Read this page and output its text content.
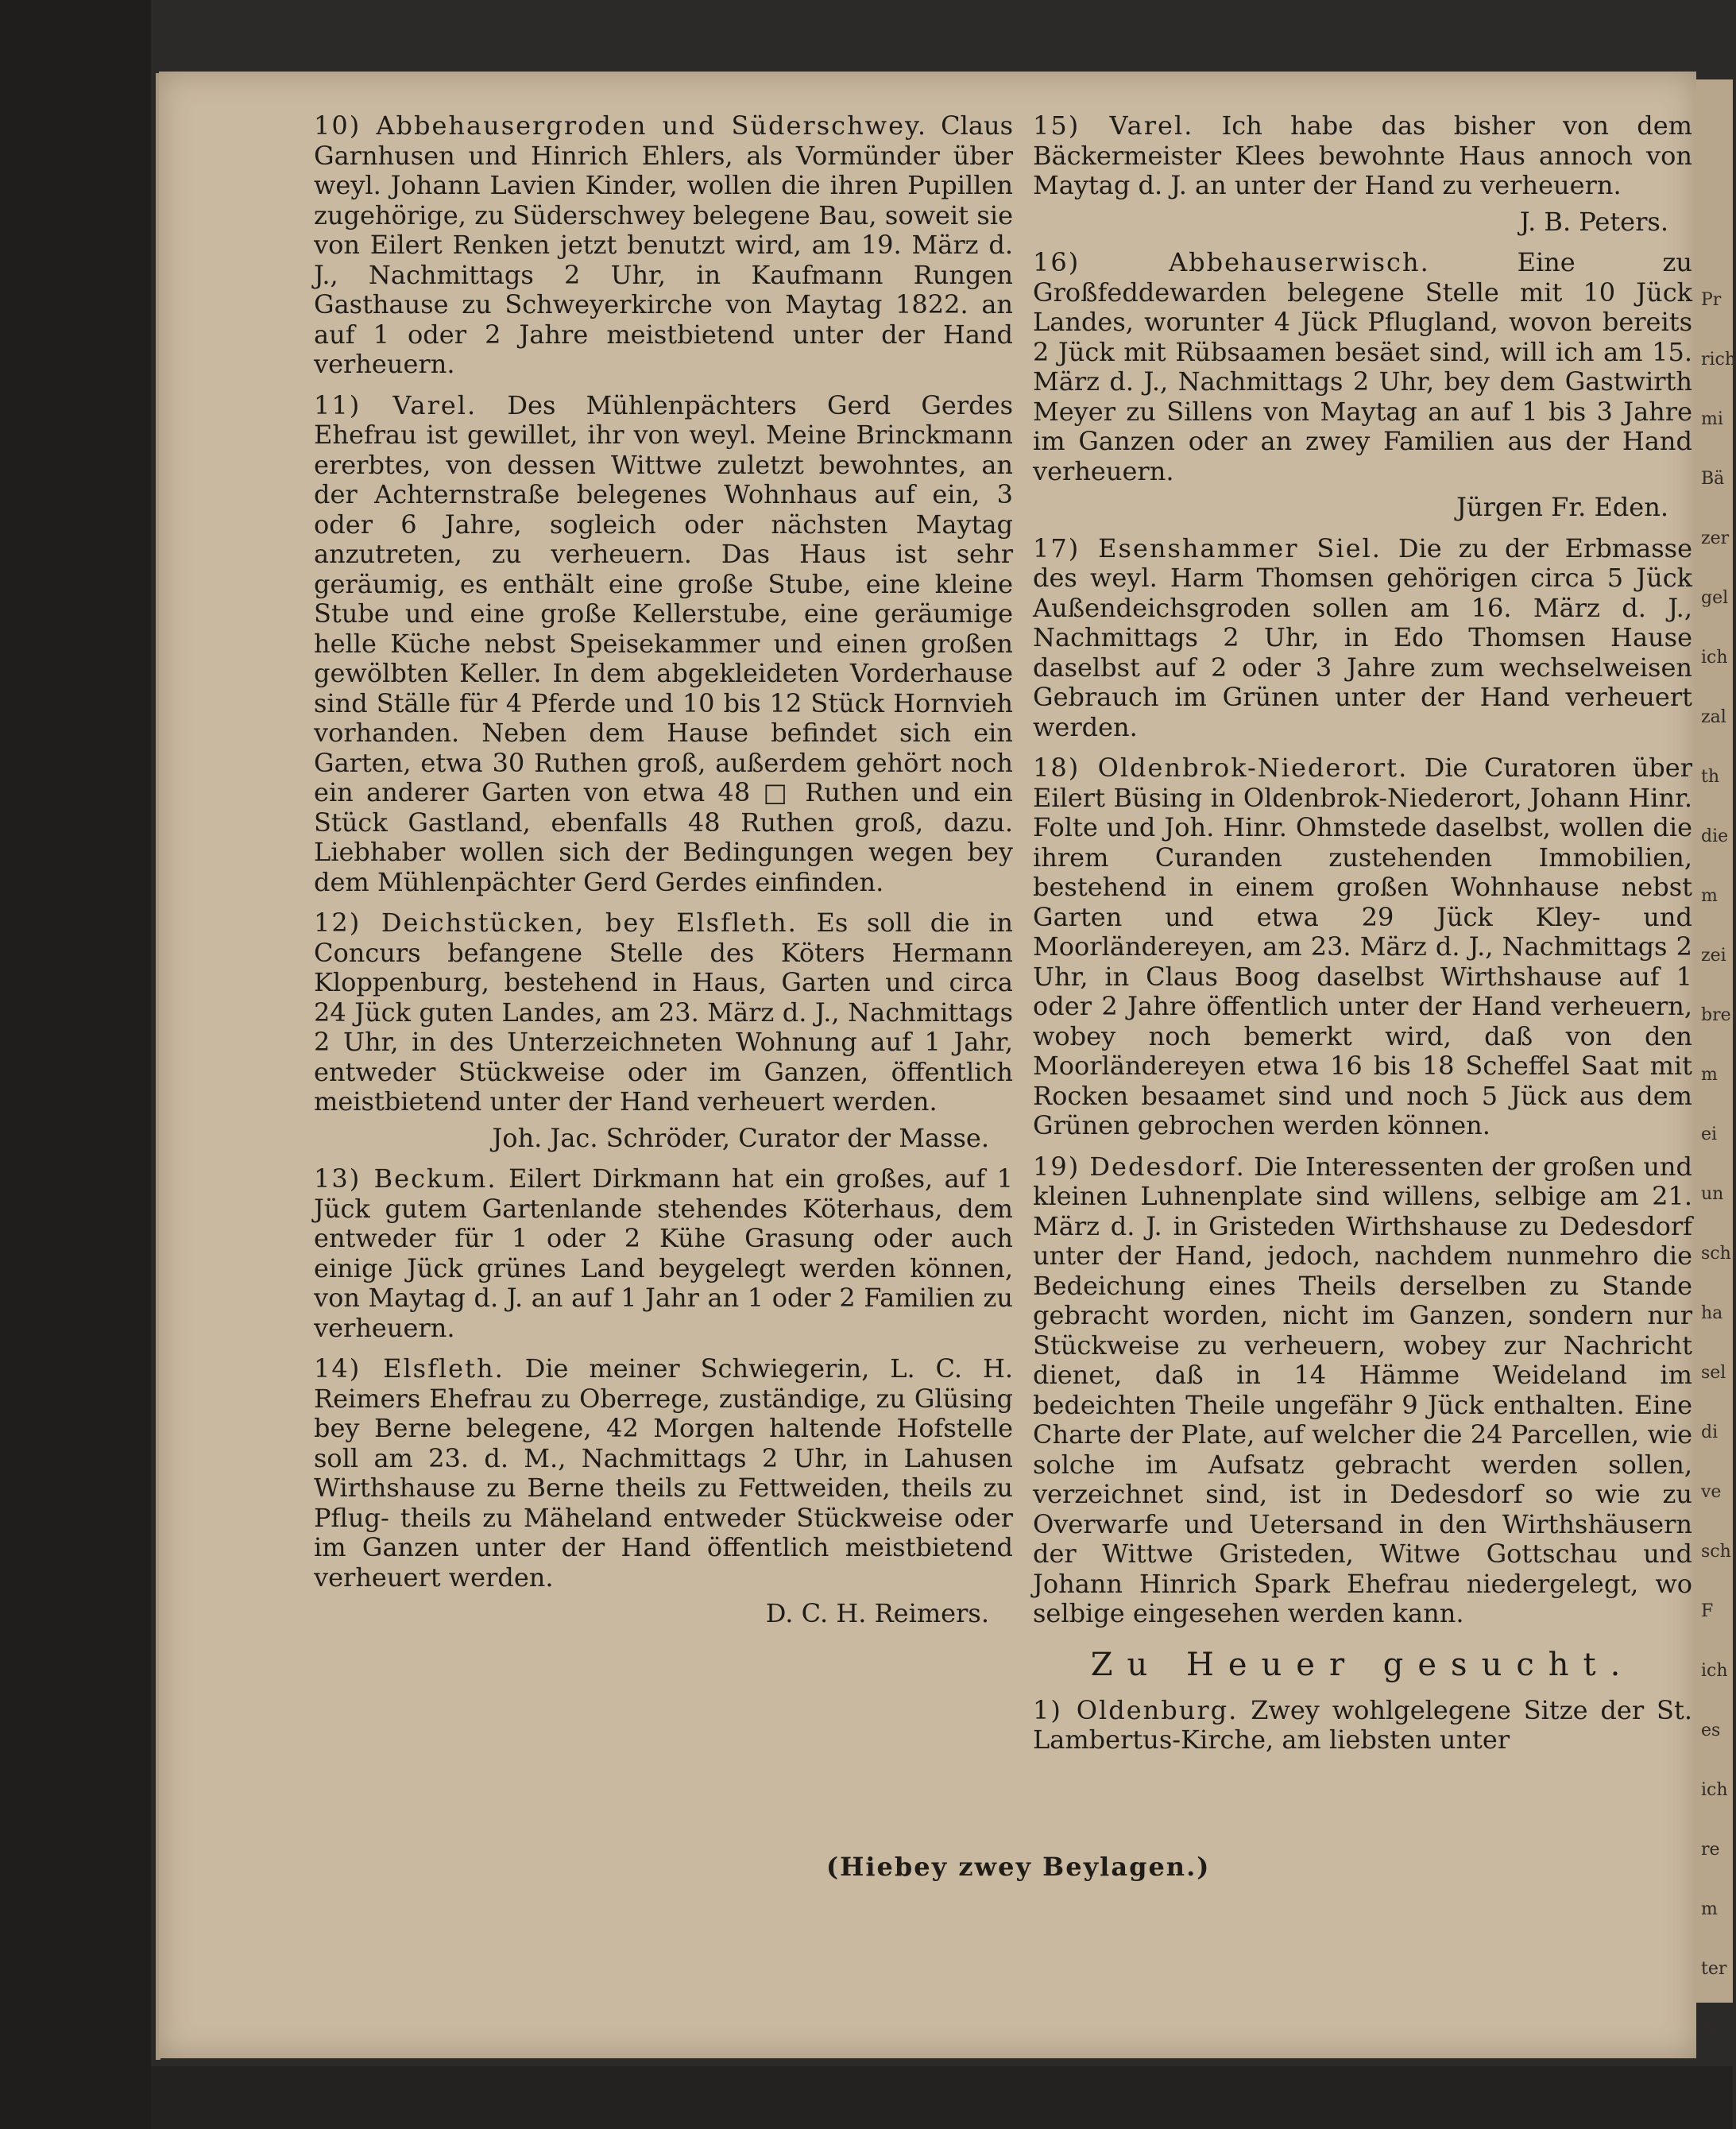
10) Abbehausergroden und Süderschwey. Claus Garnhusen und Hinrich Ehlers, als Vormünder über weyl. Johann Lavien Kinder, wollen die ihren Pupillen zugehörige, zu Süderschwey belegene Bau, soweit sie von Eilert Renken jetzt benutzt wird, am 19. März d. J., Nachmittags 2 Uhr, in Kaufmann Rungen Gasthause zu Schweyerkirche von Maytag 1822. an auf 1 oder 2 Jahre meistbietend unter der Hand verheuern.
11) Varel. Des Mühlenpächters Gerd Gerdes Ehefrau ist gewillet, ihr von weyl. Meine Brinckmann ererbtes, von dessen Wittwe zuletzt bewohntes, an der Achternstraße belegenes Wohnhaus auf ein, 3 oder 6 Jahre, sogleich oder nächsten Maytag anzutreten, zu verheuern. Das Haus ist sehr geräumig, es enthält eine große Stube, eine kleine Stube und eine große Kellerstube, eine geräumige helle Küche nebst Speisekammer und einen großen gewölbten Keller. In dem abgekleideten Vorderhause sind Ställe für 4 Pferde und 10 bis 12 Stück Hornvieh vorhanden. Neben dem Hause befindet sich ein Garten, etwa 30 Ruthen groß, außerdem gehört noch ein anderer Garten von etwa 48 □ Ruthen und ein Stück Gastland, ebenfalls 48 Ruthen groß, dazu. Liebhaber wollen sich der Bedingungen wegen bey dem Mühlenpächter Gerd Gerdes einfinden.
12) Deichstücken, bey Elsfleth. Es soll die in Concurs befangene Stelle des Köters Hermann Kloppenburg, bestehend in Haus, Garten und circa 24 Jück guten Landes, am 23. März d. J., Nachmittags 2 Uhr, in des Unterzeichneten Wohnung auf 1 Jahr, entweder Stückweise oder im Ganzen, öffentlich meistbietend unter der Hand verheuert werden.
Joh. Jac. Schröder, Curator der Masse.
13) Beckum. Eilert Dirkmann hat ein großes, auf 1 Jück gutem Gartenlande stehendes Köterhaus, dem entweder für 1 oder 2 Kühe Grasung oder auch einige Jück grünes Land beygelegt werden können, von Maytag d. J. an auf 1 Jahr an 1 oder 2 Familien zu verheuern.
14) Elsfleth. Die meiner Schwiegerin, L. C. H. Reimers Ehefrau zu Oberrege, zuständige, zu Glüsing bey Berne belegene, 42 Morgen haltende Hofstelle soll am 23. d. M., Nachmittags 2 Uhr, in Lahusen Wirthshause zu Berne theils zu Fettweiden, theils zu Pflug- theils zu Mäheland entweder Stückweise oder im Ganzen unter der Hand öffentlich meistbietend verheuert werden.
D. C. H. Reimers.
15) Varel. Ich habe das bisher von dem Bäckermeister Klees bewohnte Haus annoch von Maytag d. J. an unter der Hand zu verheuern.
J. B. Peters.
16) Abbehauserwisch.	Eine zu Großfeddewarden belegene Stelle mit 10 Jück Landes, worunter 4 Jück Pflugland, wovon bereits 2 Jück mit Rübsaamen besäet sind, will ich am 15. März d. J., Nachmittags 2 Uhr, bey dem Gastwirth Meyer zu Sillens von Maytag an auf 1 bis 3 Jahre im Ganzen oder an zwey Familien aus der Hand verheuern.
Jürgen Fr. Eden.
17) Esenshammer Siel. Die zu der Erbmasse des weyl. Harm Thomsen gehörigen circa 5 Jück Außendeichsgroden sollen am 16. März d. J., Nachmittags 2 Uhr, in Edo Thomsen Hause daselbst auf 2 oder 3 Jahre zum wechselweisen Gebrauch im Grünen unter der Hand verheuert werden.
18) Oldenbrok-Niederort. Die Curatoren über Eilert Büsing in Oldenbrok-Niederort, Johann Hinr. Folte und Joh. Hinr. Ohmstede daselbst, wollen die ihrem Curanden zustehenden Immobilien, bestehend in einem großen Wohnhause nebst Garten und etwa 29 Jück Kley- und Moorländereyen, am 23. März d. J., Nachmittags 2 Uhr, in Claus Boog daselbst Wirthshause auf 1 oder 2 Jahre öffentlich unter der Hand verheuern, wobey noch bemerkt wird, daß von den Moorländereyen etwa 16 bis 18 Scheffel Saat mit Rocken besaamet sind und noch 5 Jück aus dem Grünen gebrochen werden können.
19) Dedesdorf. Die Interessenten der großen und kleinen Luhnenplate sind willens, selbige am 21. März d. J. in Gristeden Wirthshause zu Dedesdorf unter der Hand, jedoch, nachdem nunmehro die Bedeichung eines Theils derselben zu Stande gebracht worden, nicht im Ganzen, sondern nur Stückweise zu verheuern, wobey zur Nachricht dienet, daß in 14 Hämme Weideland im bedeichten Theile ungefähr 9 Jück enthalten. Eine Charte der Plate, auf welcher die 24 Parcellen, wie solche im Aufsatz gebracht werden sollen, verzeichnet sind, ist in Dedesdorf so wie zu Overwarfe und Uetersand in den Wirthshäusern der Wittwe Gristeden, Witwe Gottschau und Johann Hinrich Spark Ehefrau niedergelegt, wo selbige eingesehen werden kann.
Zu Heuer gesucht.
1) Oldenburg. Zwey wohlgelegene Sitze der St. Lambertus-Kirche, am liebsten unter
(Hiebey zwey Beylagen.)
Pr
rich
mi
Bä
zer
gel
ich
zal
th
die
m
zei
bre
m
ei
un
sch
ha
sel
di
ve
sch
F
ich
es
ich
re
m
ter
ri
